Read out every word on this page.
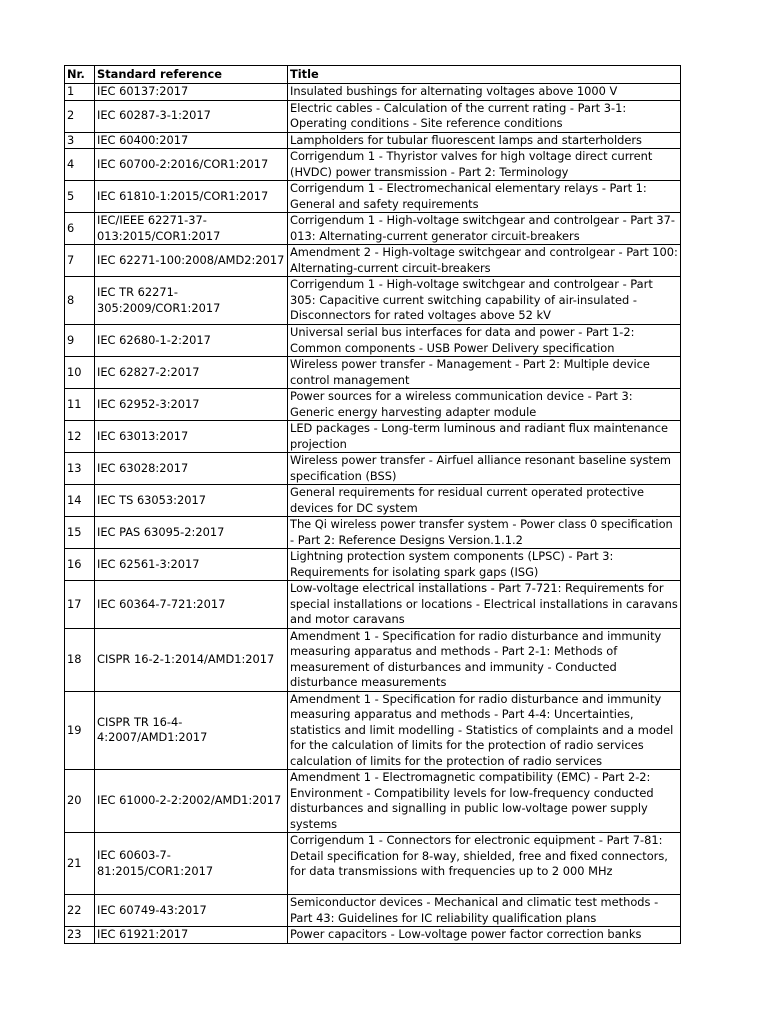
Nr.	Standard reference	Title
1	IEC 60137:2017	Insulated bushings for alternating voltages above 1000 V
2	IEC 60287-3-1:2017	Electric cables - Calculation of the current rating - Part 3-1: Operating conditions - Site reference conditions
3	IEC 60400:2017	Lampholders for tubular fluorescent lamps and starterholders
4	IEC 60700-2:2016/COR1:2017	Corrigendum 1 - Thyristor valves for high voltage direct current (HVDC) power transmission - Part 2: Terminology
5	IEC 61810-1:2015/COR1:2017	Corrigendum 1 - Electromechanical elementary relays - Part 1: General and safety requirements
6	IEC/IEEE 62271-37-013:2015/COR1:2017	Corrigendum 1 - High-voltage switchgear and controlgear - Part 37-013: Alternating-current generator circuit-breakers
7	IEC 62271-100:2008/AMD2:2017	Amendment 2 - High-voltage switchgear and controlgear - Part 100: Alternating-current circuit-breakers
8	IEC TR 62271-305:2009/COR1:2017	Corrigendum 1 - High-voltage switchgear and controlgear - Part 305: Capacitive current switching capability of air-insulated - Disconnectors for rated voltages above 52 kV
9	IEC 62680-1-2:2017	Universal serial bus interfaces for data and power - Part 1-2: Common components - USB Power Delivery specification
10	IEC 62827-2:2017	Wireless power transfer - Management - Part 2: Multiple device control management
11	IEC 62952-3:2017	Power sources for a wireless communication device - Part 3: Generic energy harvesting adapter module
12	IEC 63013:2017	LED packages - Long-term luminous and radiant flux maintenance projection
13	IEC 63028:2017	Wireless power transfer - Airfuel alliance resonant baseline system specification (BSS)
14	IEC TS 63053:2017	General requirements for residual current operated protective devices for DC system
15	IEC PAS 63095-2:2017	The Qi wireless power transfer system - Power class 0 specification - Part 2: Reference Designs Version.1.1.2
16	IEC 62561-3:2017	Lightning protection system components (LPSC) - Part 3: Requirements for isolating spark gaps (ISG)
17	IEC 60364-7-721:2017	Low-voltage electrical installations - Part 7-721: Requirements for special installations or locations - Electrical installations in caravans and motor caravans
18	CISPR 16-2-1:2014/AMD1:2017	Amendment 1 - Specification for radio disturbance and immunity measuring apparatus and methods - Part 2-1: Methods of measurement of disturbances and immunity - Conducted disturbance measurements
19	CISPR TR 16-4-4:2007/AMD1:2017	Amendment 1 - Specification for radio disturbance and immunity measuring apparatus and methods - Part 4-4: Uncertainties, statistics and limit modelling - Statistics of complaints and a model for the calculation of limits for the protection of radio services calculation of limits for the protection of radio services
20	IEC 61000-2-2:2002/AMD1:2017	Amendment 1 - Electromagnetic compatibility (EMC) - Part 2-2: Environment - Compatibility levels for low-frequency conducted disturbances and signalling in public low-voltage power supply systems
21	IEC 60603-7-81:2015/COR1:2017	Corrigendum 1 - Connectors for electronic equipment - Part 7-81: Detail specification for 8-way, shielded, free and fixed connectors, for data transmissions with frequencies up to 2 000 MHz
22	IEC 60749-43:2017	Semiconductor devices - Mechanical and climatic test methods - Part 43: Guidelines for IC reliability qualification plans
23	IEC 61921:2017	Power capacitors - Low-voltage power factor correction banks
